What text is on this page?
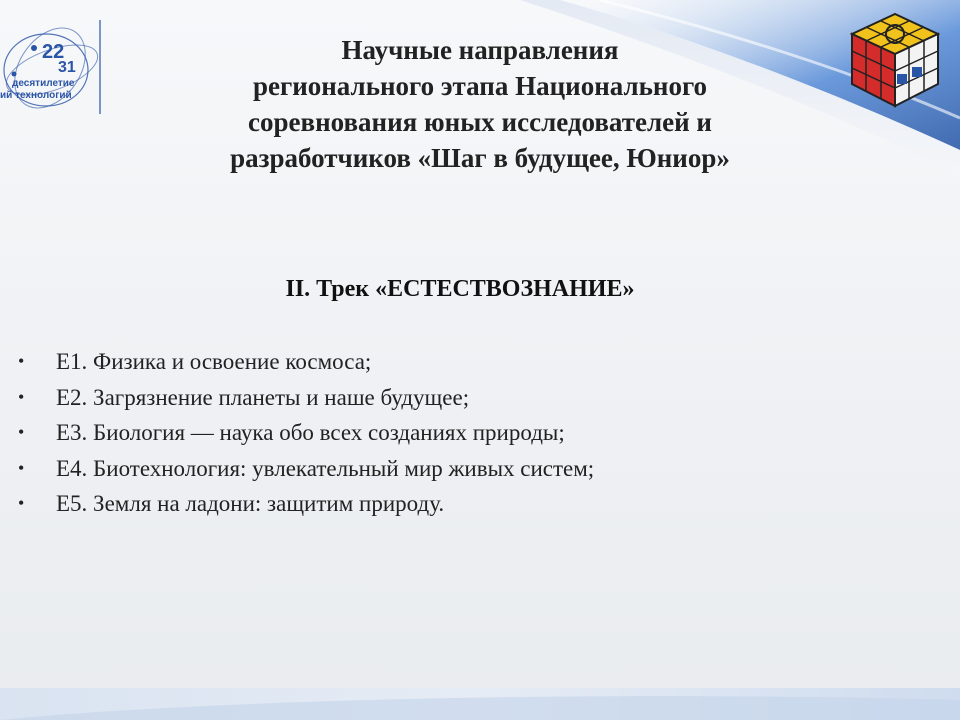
22
31
десятилетие
ий технологий
Научные направления
регионального этапа Национального
соревнования юных исследователей и
разработчиков «Шаг в будущее, Юниор»
II. Трек «ЕСТЕСТВОЗНАНИЕ»
•	Е1. Физика и освоение космоса;
•	Е2. Загрязнение планеты и наше будущее;
•	Е3. Биология — наука обо всех созданиях природы;
•	Е4. Биотехнология: увлекательный мир живых систем;
•	Е5. Земля на ладони: защитим природу.
